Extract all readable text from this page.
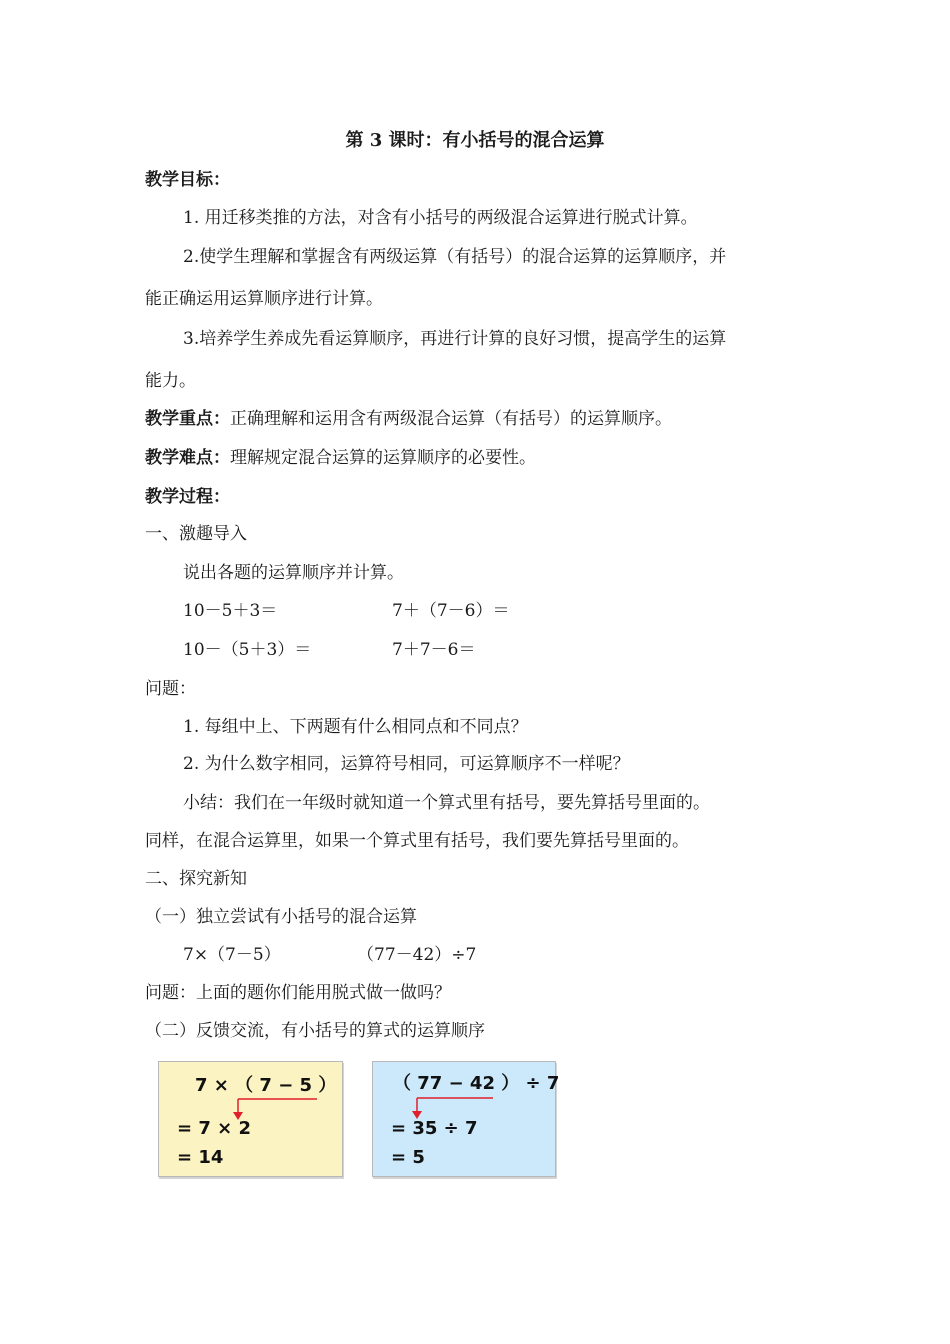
第 3 课时：有小括号的混合运算
教学目标：
1. 用迁移类推的方法，对含有小括号的两级混合运算进行脱式计算。
2.使学生理解和掌握含有两级运算（有括号）的混合运算的运算顺序，并
能正确运用运算顺序进行计算。
3.培养学生养成先看运算顺序，再进行计算的良好习惯，提高学生的运算
能力。
教学重点：正确理解和运用含有两级混合运算（有括号）的运算顺序。
教学难点：理解规定混合运算的运算顺序的必要性。
教学过程：
一、激趣导入
说出各题的运算顺序并计算。
10－5＋3＝	7＋（7－6）＝
10－（5＋3）＝	7＋7－6＝
问题：
1. 每组中上、下两题有什么相同点和不同点？
2. 为什么数字相同，运算符号相同，可运算顺序不一样呢？
小结：我们在一年级时就知道一个算式里有括号，要先算括号里面的。
同样，在混合运算里，如果一个算式里有括号，我们要先算括号里面的。
二、探究新知
（一）独立尝试有小括号的混合运算
7×（7－5）	（77－42）÷7
问题：上面的题你们能用脱式做一做吗？
（二）反馈交流，有小括号的算式的运算顺序
7 × （ 7 − 5 ）
= 7 × 2
= 14
（ 77 − 42 ） ÷ 7
= 35 ÷ 7
= 5
